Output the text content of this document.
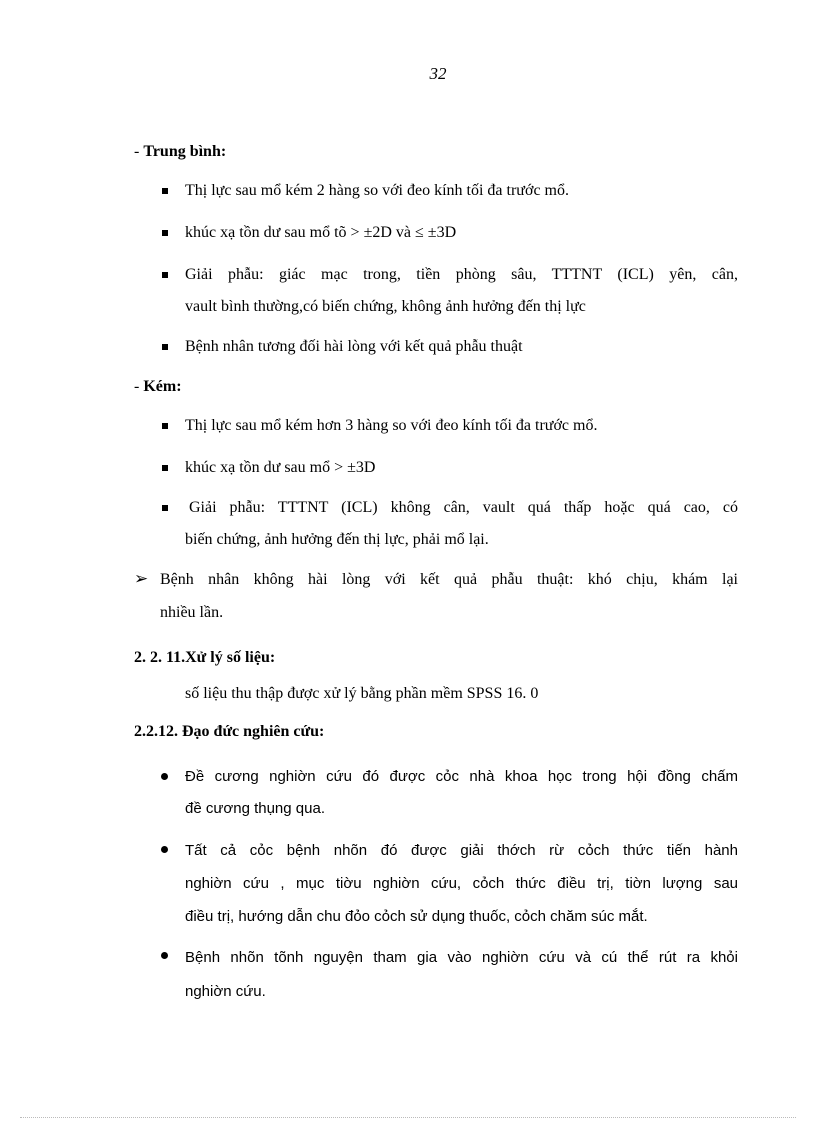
32
- Trung bình:
Thị lực sau mổ kém 2 hàng so với đeo kính tối đa trước mổ.
khúc xạ tồn dư sau mổ tõ > ±2D và ≤ ±3D
Giải phẫu: giác mạc trong, tiền phòng sâu, TTTNT (ICL) yên, cân,
vault bình thường,có biến chứng, không ảnh hưởng đến thị lực
Bệnh nhân tương đối hài lòng với kết quả phẫu thuật
- Kém:
Thị lực sau mổ kém hơn 3 hàng so với đeo kính tối đa trước mổ.
khúc xạ tồn dư sau mổ > ±3D
Giải phẫu: TTTNT (ICL) không cân, vault quá thấp hoặc quá cao, có
biến chứng, ảnh hưởng đến thị lực, phải mổ lại.
➢ Bệnh nhân không hài lòng với kết quả phẫu thuật: khó chịu, khám lại
nhiều lần.
2. 2. 11.Xử lý số liệu:
số liệu thu thập được xử lý bằng phần mềm SPSS 16. 0
2.2.12. Đạo đức nghiên cứu:
Đề cương nghiờn cứu đó được cỏc nhà khoa học trong hội đồng chấm
đề cương thụng qua.
Tất cả cỏc bệnh nhõn đó được giải thớch rừ cỏch thức tiến hành
nghiờn cứu , mục tiờu nghiờn cứu, cỏch thức điều trị, tiờn lượng sau
điều trị, hướng dẫn chu đỏo cỏch sử dụng thuốc, cỏch chăm súc mắt.
Bệnh nhõn tõnh nguyện tham gia vào nghiờn cứu và cú thể rút ra khỏi
nghiờn cứu.
